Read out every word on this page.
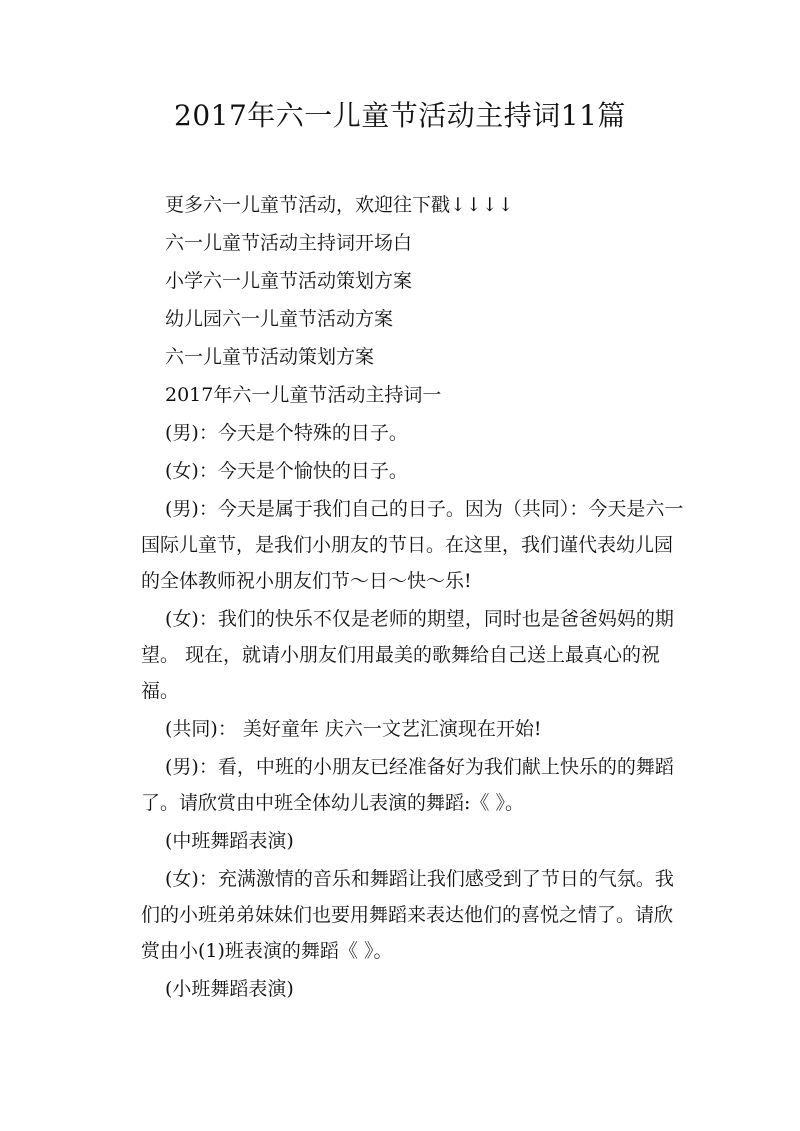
2017年六一儿童节活动主持词11篇

更多六一儿童节活动，欢迎往下戳↓↓↓↓

六一儿童节活动主持词开场白

小学六一儿童节活动策划方案

幼儿园六一儿童节活动方案

六一儿童节活动策划方案

2017年六一儿童节活动主持词一

(男)：今天是个特殊的日子。

(女)：今天是个愉快的日子。

(男)：今天是属于我们自己的日子。因为（共同）：今天是六一国际儿童节，是我们小朋友的节日。在这里，我们谨代表幼儿园的全体教师祝小朋友们节～日～快～乐!

(女)：我们的快乐不仅是老师的期望，同时也是爸爸妈妈的期望。 现在，就请小朋友们用最美的歌舞给自己送上最真心的祝福。

(共同)： 美好童年 庆六一文艺汇演现在开始!

(男)：看，中班的小朋友已经准备好为我们献上快乐的的舞蹈了。请欣赏由中班全体幼儿表演的舞蹈:《 》。

(中班舞蹈表演)

(女)：充满激情的音乐和舞蹈让我们感受到了节日的气氛。我们的小班弟弟妹妹们也要用舞蹈来表达他们的喜悦之情了。请欣赏由小(1)班表演的舞蹈《 》。

(小班舞蹈表演)
